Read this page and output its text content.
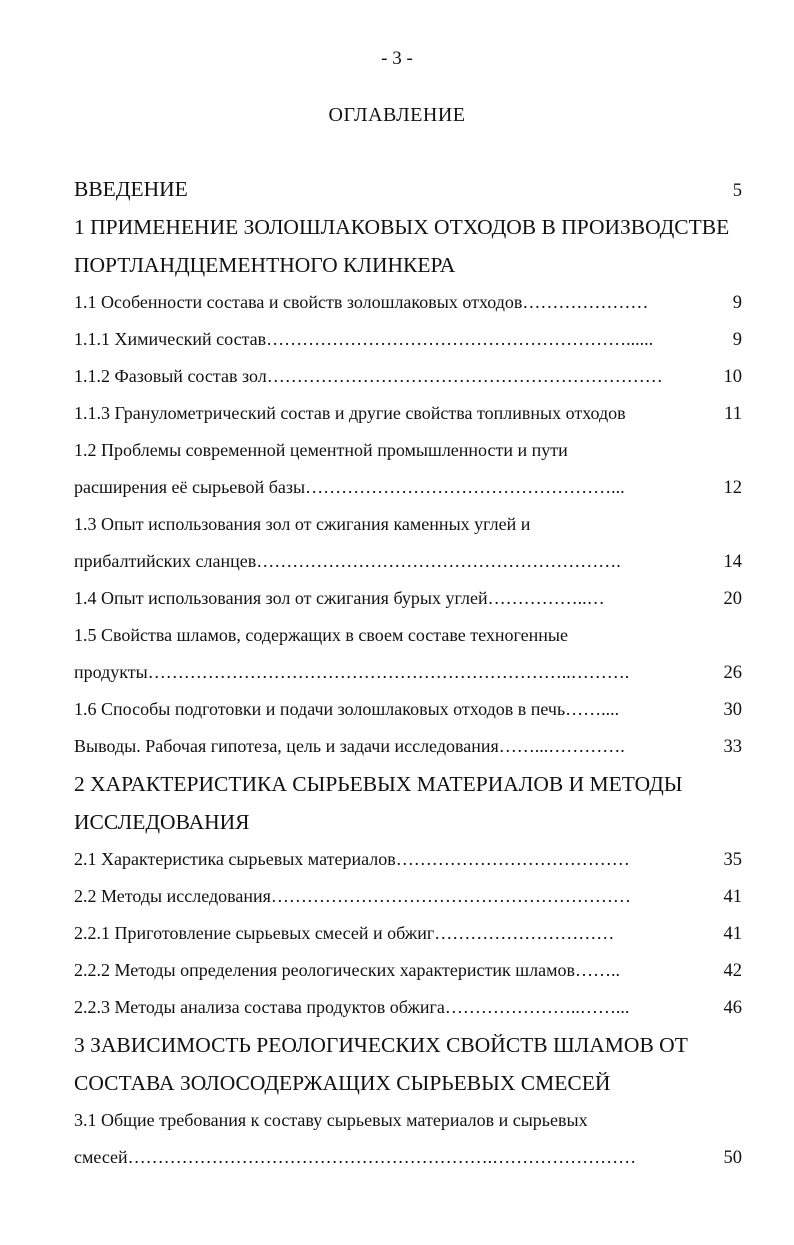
- 3 -
ОГЛАВЛЕНИЕ
ВВЕДЕНИЕ	5
1 ПРИМЕНЕНИЕ ЗОЛОШЛАКОВЫХ ОТХОДОВ В ПРОИЗВОДСТВЕ
ПОРТЛАНДЦЕМЕНТНОГО КЛИНКЕРА
1.1 Особенности состава и свойств золошлаковых отходов…………………	9
1.1.1 Химический состав……………………………………………………......	9
1.1.2 Фазовый состав зол…………………………………………………………	10
1.1.3 Гранулометрический состав и другие свойства топливных отходов	11
1.2 Проблемы современной цементной промышленности и пути
расширения её сырьевой базы……………………………………………...	12
1.3 Опыт использования зол от сжигания каменных углей и
прибалтийских сланцев…………………………………………………….	14
1.4 Опыт использования зол от сжигания бурых углей……………..…	20
1.5 Свойства шламов, содержащих в своем составе техногенные
продукты……………………………………………………………..……….	26
1.6 Способы подготовки и подачи золошлаковых отходов в печь……....	30
Выводы. Рабочая гипотеза, цель и задачи исследования……...………….	33
2 ХАРАКТЕРИСТИКА СЫРЬЕВЫХ МАТЕРИАЛОВ И МЕТОДЫ
ИССЛЕДОВАНИЯ
2.1 Характеристика сырьевых материалов…………………………………	35
2.2 Методы исследования……………………………………………………	41
2.2.1 Приготовление сырьевых смесей и обжиг…………………………	41
2.2.2 Методы определения реологических характеристик шламов……..	42
2.2.3 Методы анализа состава продуктов обжига…………………..……...	46
3 ЗАВИСИМОСТЬ РЕОЛОГИЧЕСКИХ СВОЙСТВ ШЛАМОВ ОТ
СОСТАВА ЗОЛОСОДЕРЖАЩИХ СЫРЬЕВЫХ СМЕСЕЙ
3.1 Общие требования к составу сырьевых материалов и сырьевых
смесей…………………………………………………….……………………	50
